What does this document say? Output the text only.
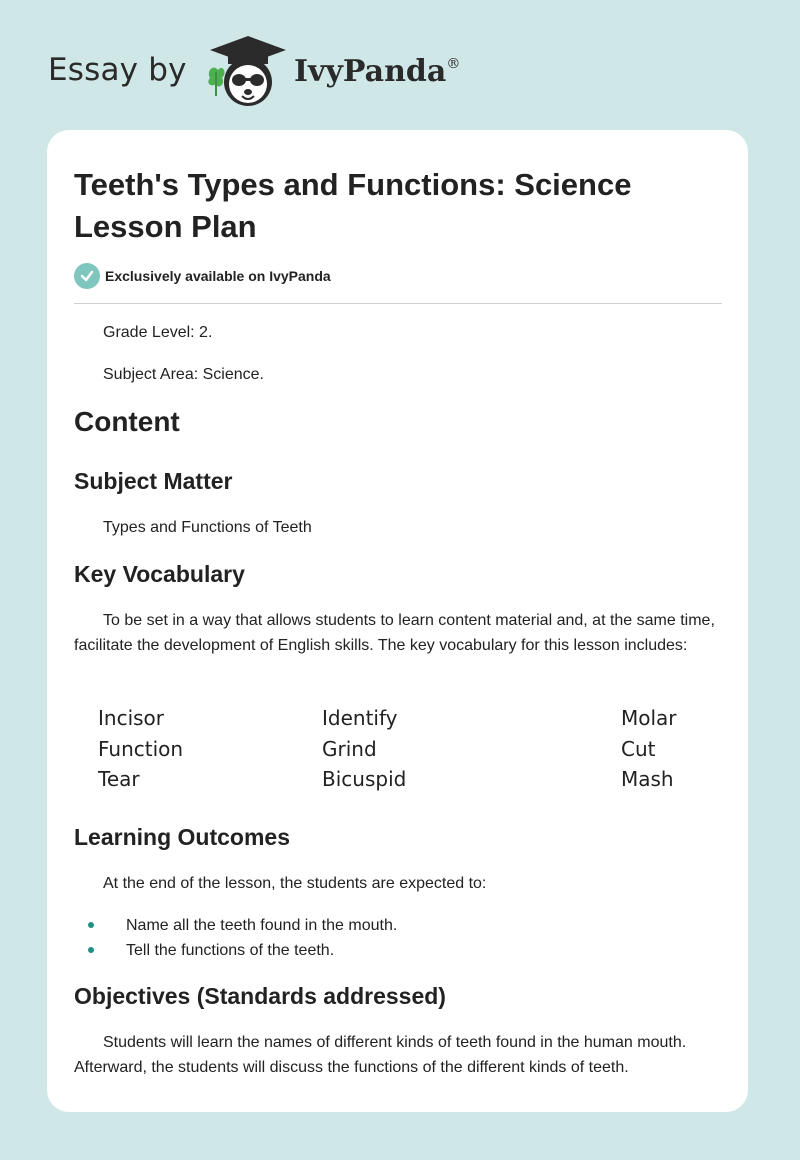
Essay by	IvyPanda®
Teeth's Types and Functions: Science Lesson Plan
Exclusively available on IvyPanda

Grade Level: 2.

Subject Area: Science.

Content
Subject Matter

Types and Functions of Teeth

Key Vocabulary

To be set in a way that allows students to learn content material and, at the same time, facilitate the development of English skills. The key vocabulary for this lesson includes:

Incisor	Identify	Molar
Function	Grind	Cut
Tear	Bicuspid	Mash
Learning Outcomes

At the end of the lesson, the students are expected to:

Name all the teeth found in the mouth.
Tell the functions of the teeth.
Objectives (Standards addressed)

Students will learn the names of different kinds of teeth found in the human mouth. Afterward, the students will discuss the functions of the different kinds of teeth.
